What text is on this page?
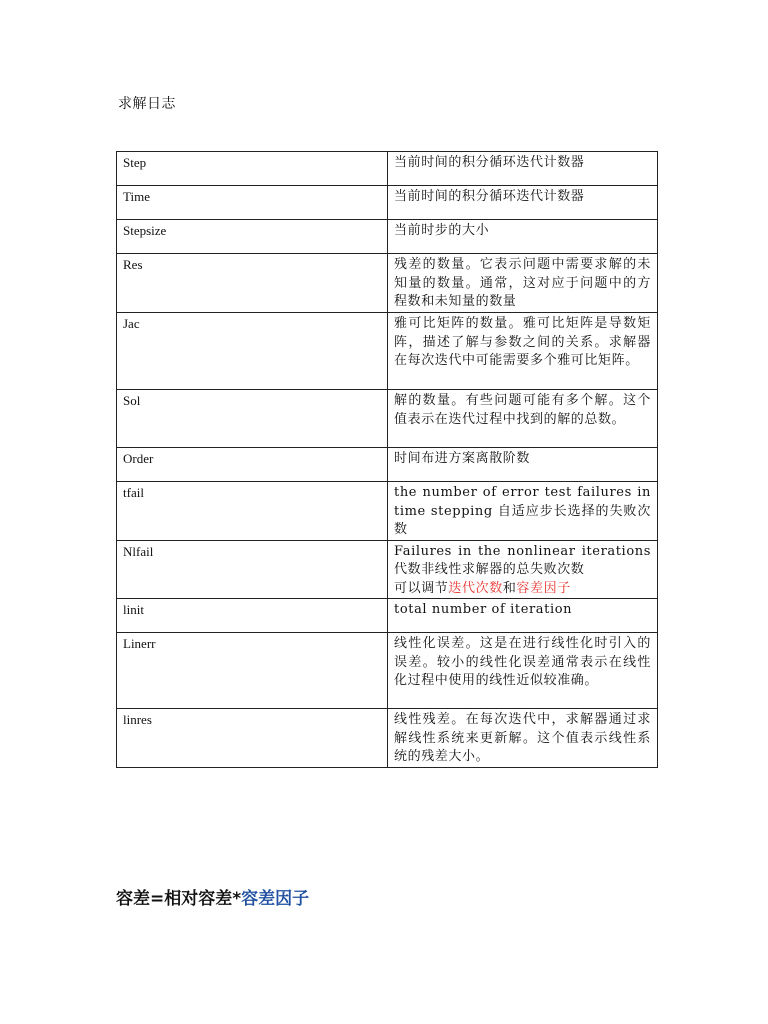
求解日志
Step	当前时间的积分循环迭代计数器
Time	当前时间的积分循环迭代计数器
Stepsize	当前时步的大小
Res	残差的数量。它表示问题中需要求解的未知量的数量。通常，这对应于问题中的方程数和未知量的数量
Jac	雅可比矩阵的数量。雅可比矩阵是导数矩阵，描述了解与参数之间的关系。求解器在每次迭代中可能需要多个雅可比矩阵。
Sol	解的数量。有些问题可能有多个解。这个值表示在迭代过程中找到的解的总数。
Order	时间布进方案离散阶数
tfail	the number of error test failures in time stepping 自适应步长选择的失败次数
Nlfail	Failures in the nonlinear iterations 代数非线性求解器的总失败次数
可以调节迭代次数和容差因子
linit	total number of iteration
Linerr	线性化误差。这是在进行线性化时引入的误差。较小的线性化误差通常表示在线性化过程中使用的线性近似较准确。
linres	线性残差。在每次迭代中，求解器通过求解线性系统来更新解。这个值表示线性系统的残差大小。
容差=相对容差*容差因子
